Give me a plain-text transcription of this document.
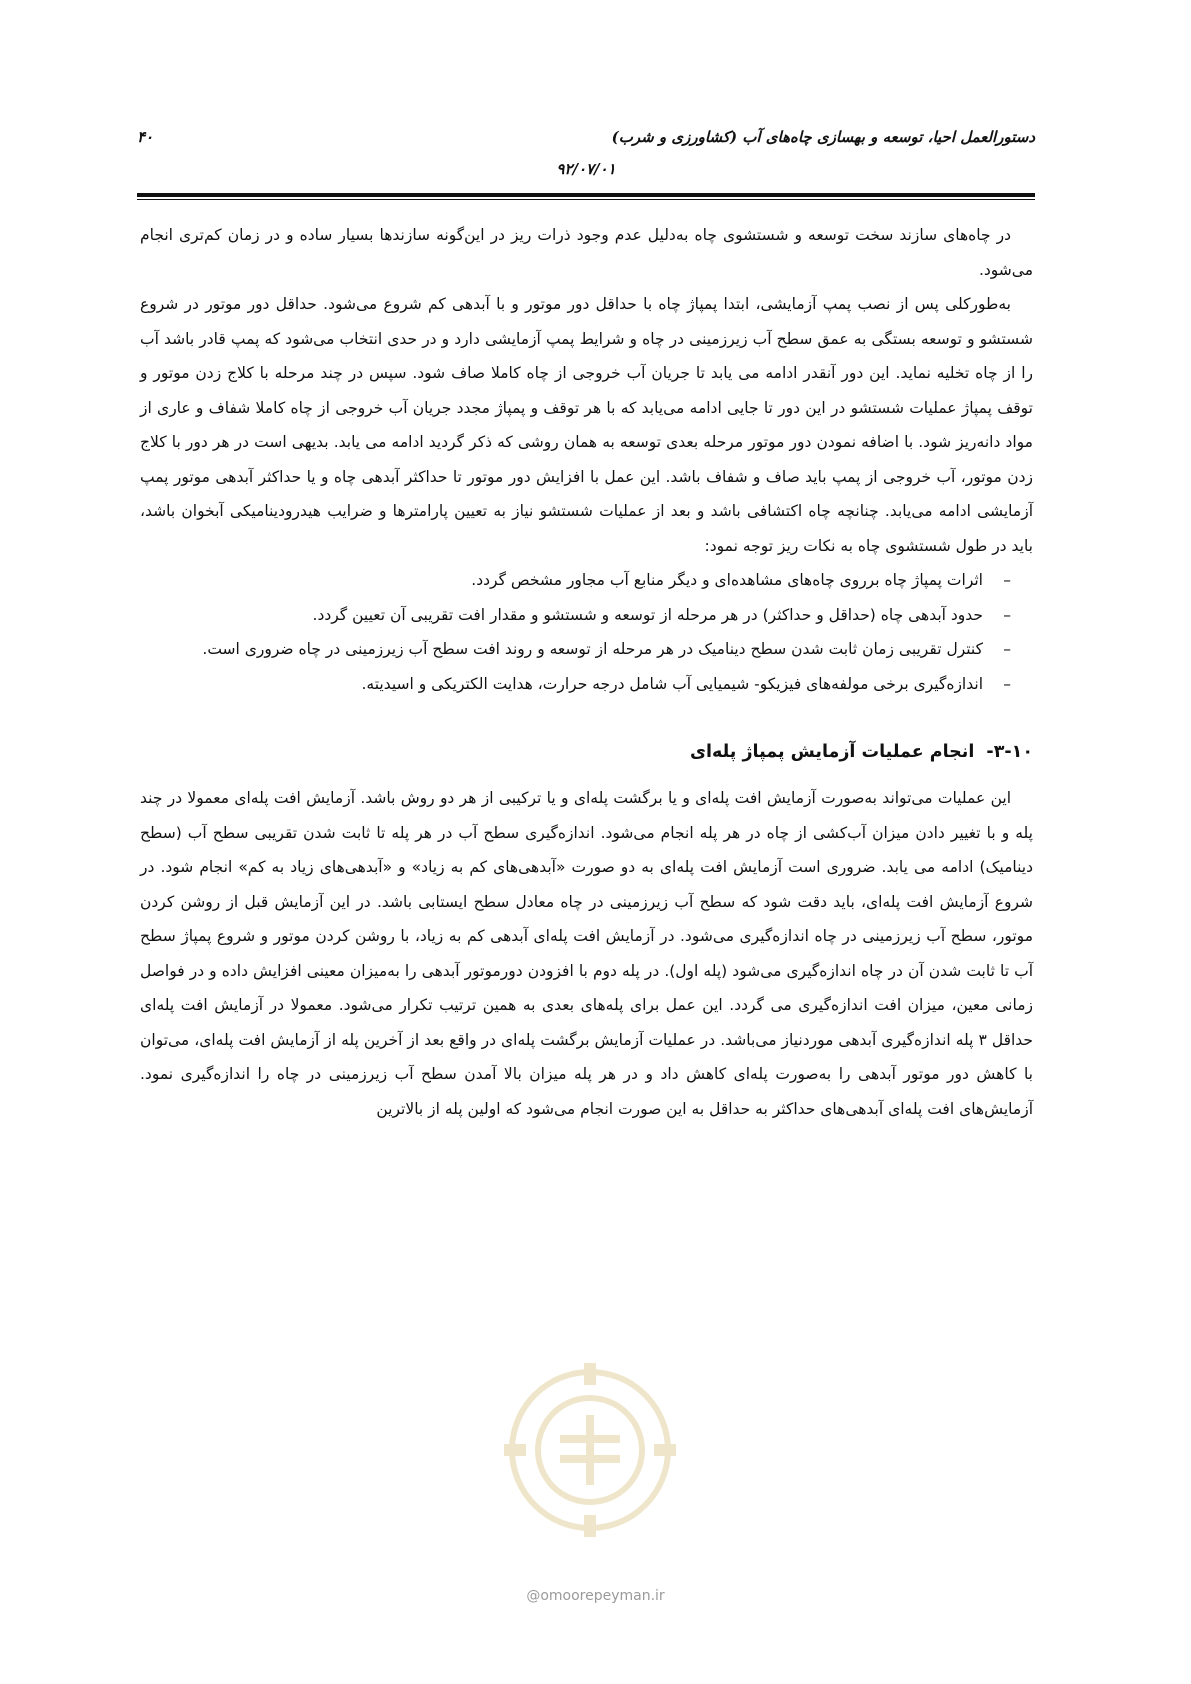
دستورالعمل احیا، توسعه و بهسازی چاه‌های آب (کشاورزی و شرب)
۹۲/۰۷/۰۱
۴۰

در چاه‌های سازند سخت توسعه و شستشوی چاه به‌دلیل عدم وجود ذرات ریز در این‌گونه سازندها بسیار ساده و در زمان کم‌تری انجام می‌شود.

به‌طورکلی پس از نصب پمپ آزمایشی، ابتدا پمپاژ چاه با حداقل دور موتور و با آبدهی کم شروع می‌شود. حداقل دور موتور در شروع شستشو و توسعه بستگی به عمق سطح آب زیرزمینی در چاه و شرایط پمپ آزمایشی دارد و در حدی انتخاب می‌شود که پمپ قادر باشد آب را از چاه تخلیه نماید. این دور آنقدر ادامه می یابد تا جریان آب خروجی از چاه کاملا صاف شود. سپس در چند مرحله با کلاج زدن موتور و توقف پمپاژ عملیات شستشو در این دور تا جایی ادامه می‌یابد که با هر توقف و پمپاژ مجدد جریان آب خروجی از چاه کاملا شفاف و عاری از مواد دانه‌ریز شود. با اضافه نمودن دور موتور مرحله بعدی توسعه به همان روشی که ذکر گردید ادامه می یابد. بدیهی است در هر دور با کلاج زدن موتور، آب خروجی از پمپ باید صاف و شفاف باشد. این عمل با افزایش دور موتور تا حداکثر آبدهی چاه و یا حداکثر آبدهی موتور پمپ آزمایشی ادامه می‌یابد. چنانچه چاه اکتشافی باشد و بعد از عملیات شستشو نیاز به تعیین پارامترها و ضرایب هیدرودینامیکی آبخوان باشد، باید در طول شستشوی چاه به نکات ریز توجه نمود:

–
اثرات پمپاژ چاه برروی چاه‌های مشاهده‌ای و دیگر منابع آب مجاور مشخص گردد.
–
حدود آبدهی چاه (حداقل و حداکثر) در هر مرحله از توسعه و شستشو و مقدار افت تقریبی آن تعیین گردد.
–
کنترل تقریبی زمان ثابت شدن سطح دینامیک در هر مرحله از توسعه و روند افت سطح آب زیرزمینی در چاه ضروری است.
–
اندازه‌گیری برخی مولفه‌های فیزیکو- شیمیایی آب شامل درجه حرارت، هدایت الکتریکی و اسیدیته.
۳-۱۰- انجام عملیات آزمایش پمپاژ پله‌ای

این عملیات می‌تواند به‌صورت آزمایش افت پله‌ای و یا برگشت پله‌ای و یا ترکیبی از هر دو روش باشد. آزمایش افت پله‌ای معمولا در چند پله و با تغییر دادن میزان آب‌کشی از چاه در هر پله انجام می‌شود. اندازه‌گیری سطح آب در هر پله تا ثابت شدن تقریبی سطح آب (سطح دینامیک) ادامه می یابد. ضروری است آزمایش افت پله‌ای به دو صورت «آبدهی‌های کم به زیاد» و «آبدهی‌های زیاد به کم» انجام شود. در شروع آزمایش افت پله‌ای، باید دقت شود که سطح آب زیرزمینی در چاه معادل سطح ایستابی باشد. در این آزمایش قبل از روشن کردن موتور، سطح آب زیرزمینی در چاه اندازه‌گیری می‌شود. در آزمایش افت پله‌ای آبدهی کم به زیاد، با روشن کردن موتور و شروع پمپاژ سطح آب تا ثابت شدن آن در چاه اندازه‌گیری می‌شود (پله اول). در پله دوم با افزودن دورموتور آبدهی را به‌میزان معینی افزایش داده و در فواصل زمانی معین، میزان افت اندازه‌گیری می گردد. این عمل برای پله‌های بعدی به همین ترتیب تکرار می‌شود. معمولا در آزمایش افت پله‌ای حداقل ۳ پله اندازه‌گیری آبدهی موردنیاز می‌باشد. در عملیات آزمایش برگشت پله‌ای در واقع بعد از آخرین پله از آزمایش افت پله‌ای، می‌توان با کاهش دور موتور آبدهی را به‌صورت پله‌ای کاهش داد و در هر پله میزان بالا آمدن سطح آب زیرزمینی در چاه را اندازه‌گیری نمود. آزمایش‌های افت پله‌ای آبدهی‌های حداکثر به حداقل به این صورت انجام می‌شود که اولین پله از بالاترین

@omoorepeyman.ir
